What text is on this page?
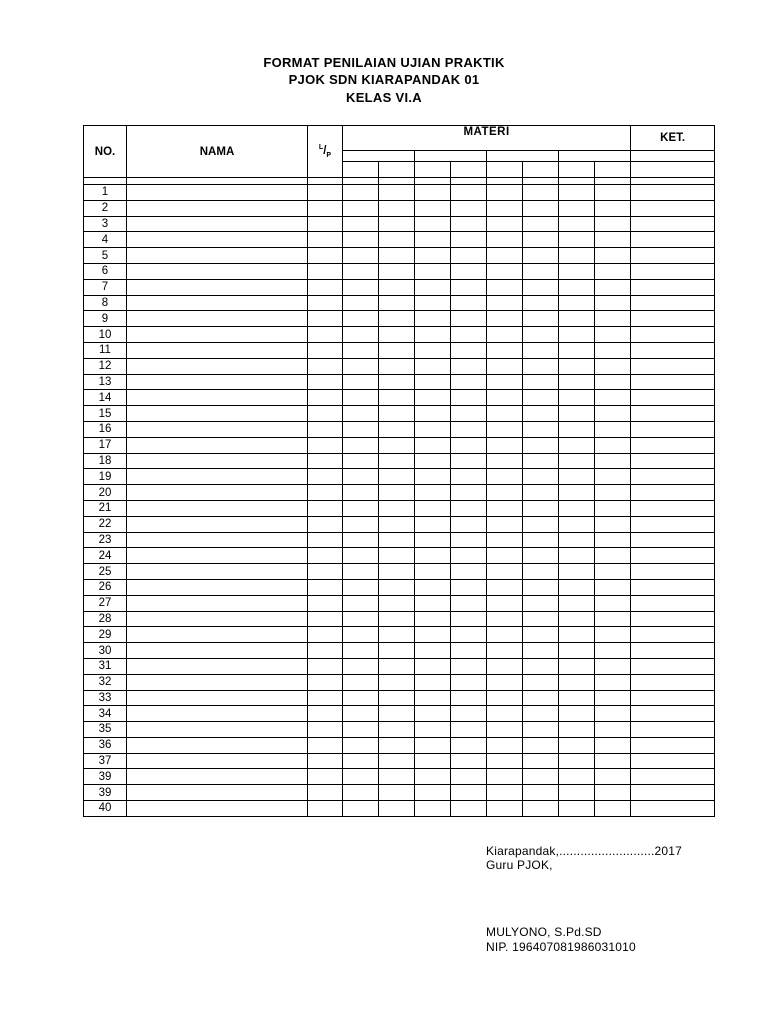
FORMAT PENILAIAN UJIAN PRAKTIK
PJOK SDN KIARAPANDAK 01
KELAS VI.A
NO.	NAMA	$^L/_P$	MATERI								KET.

1											
2											
3											
4											
5											
6											
7											
8											
9											
10											
11											
12											
13											
14											
15											
16											
17											
18											
19											
20											
21											
22											
23											
24											
25											
26											
27											
28											
29											
30											
31											
32											
33											
34											
35											
36											
37											
39											
39											
40											
Kiarapandak,...........................2017
Guru PJOK,
MULYONO, S.Pd.SD
NIP. 196407081986031010
